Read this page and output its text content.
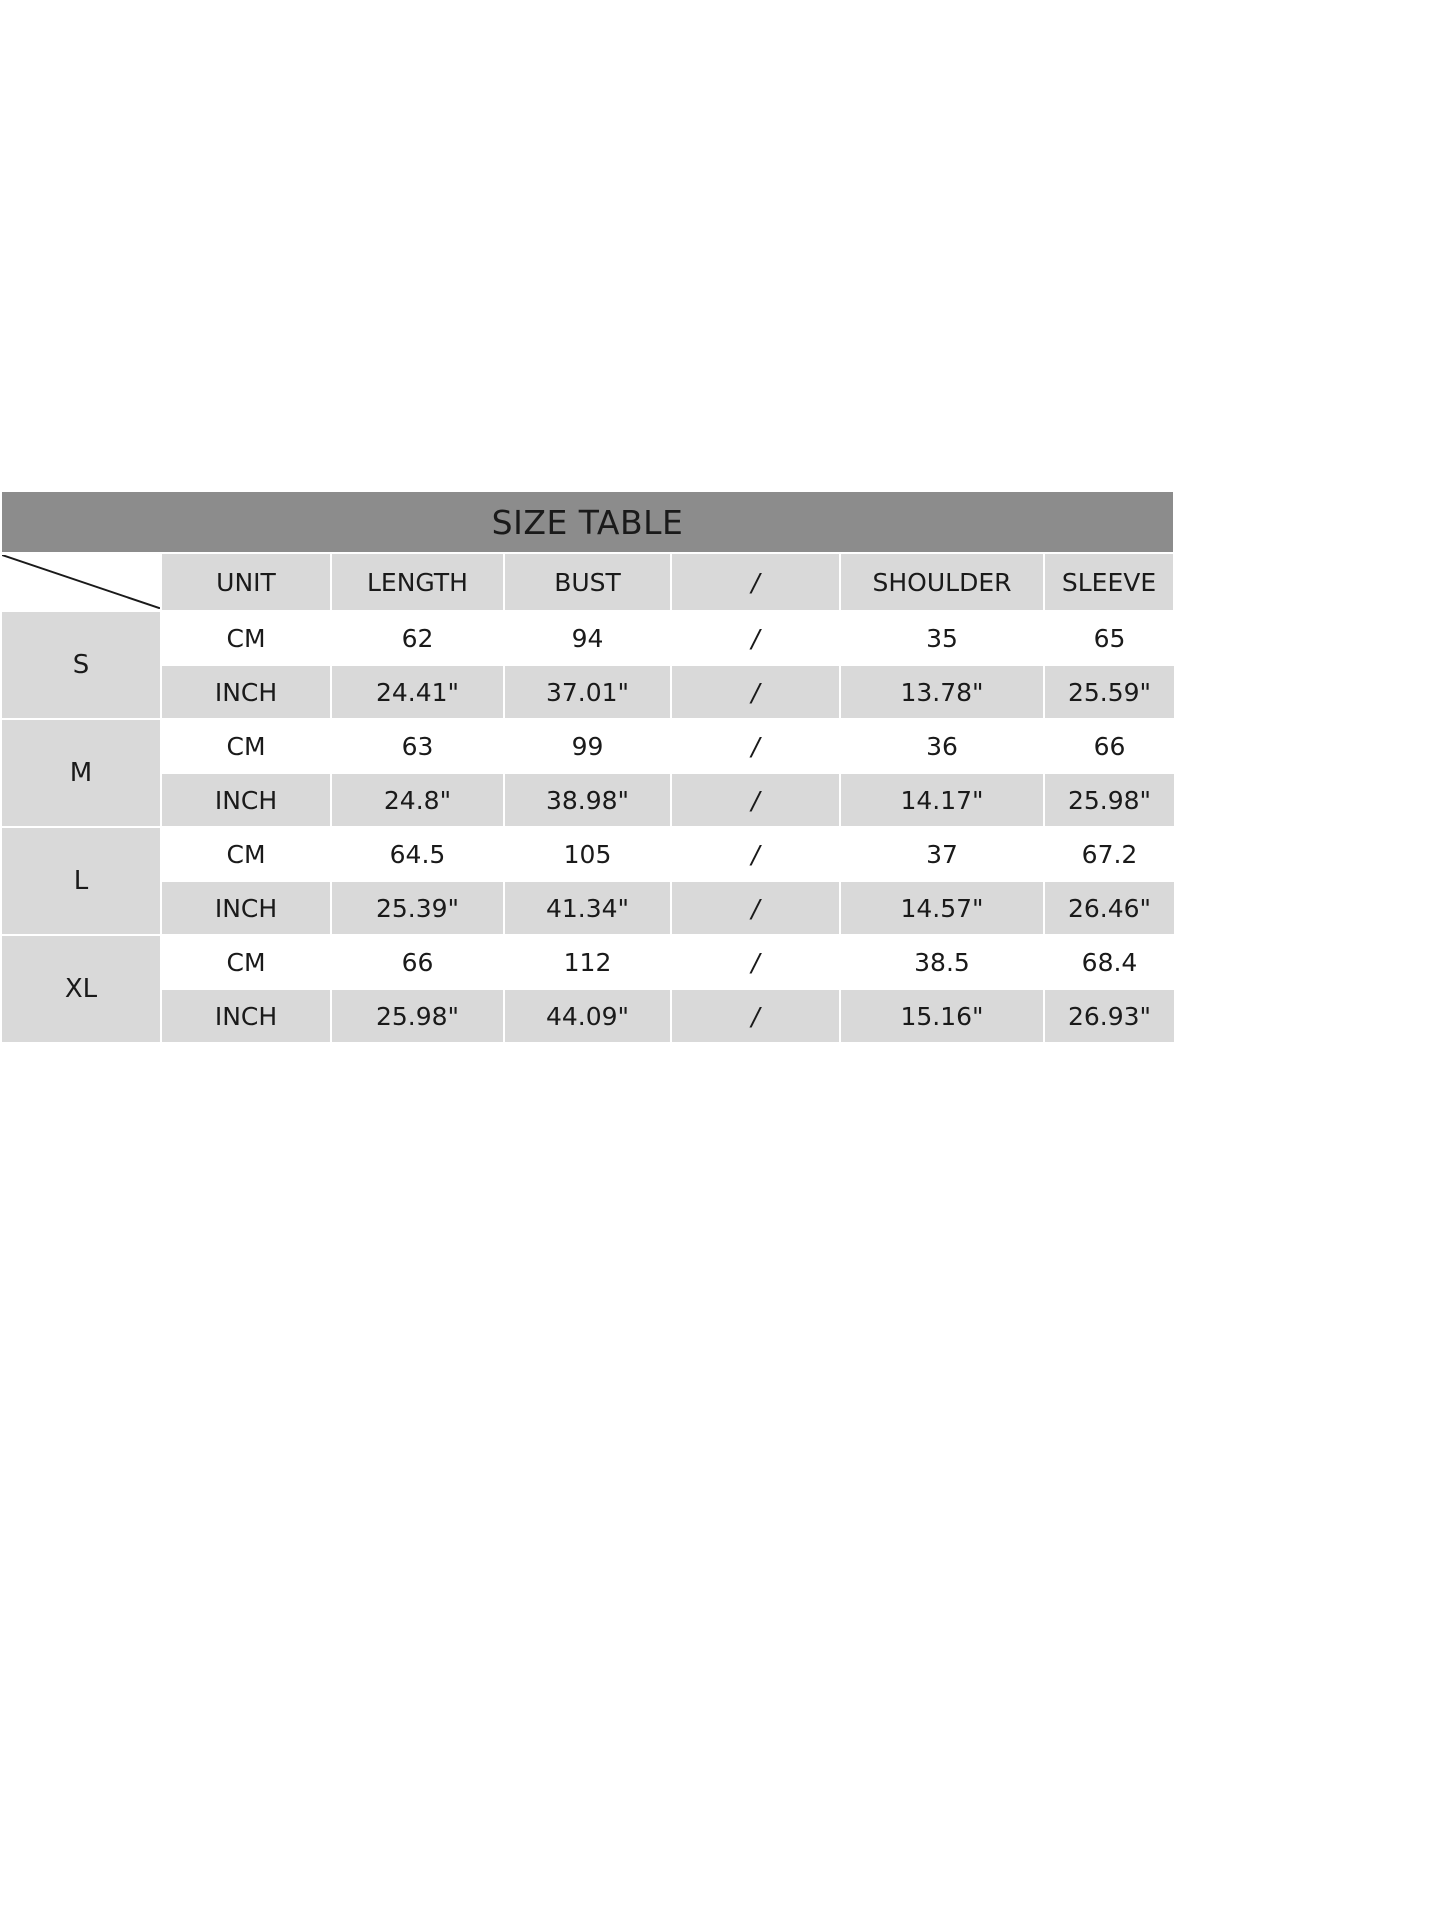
SIZE TABLE						

	UNIT	LENGTH	BUST	/	SHOULDER	SLEEVE
S	CM	62	94	/	35	65
	INCH	24.41"	37.01"	/	13.78"	25.59"
M	CM	63	99	/	36	66
	INCH	24.8"	38.98"	/	14.17"	25.98"
L	CM	64.5	105	/	37	67.2
	INCH	25.39"	41.34"	/	14.57"	26.46"
XL	CM	66	112	/	38.5	68.4
	INCH	25.98"	44.09"	/	15.16"	26.93"
